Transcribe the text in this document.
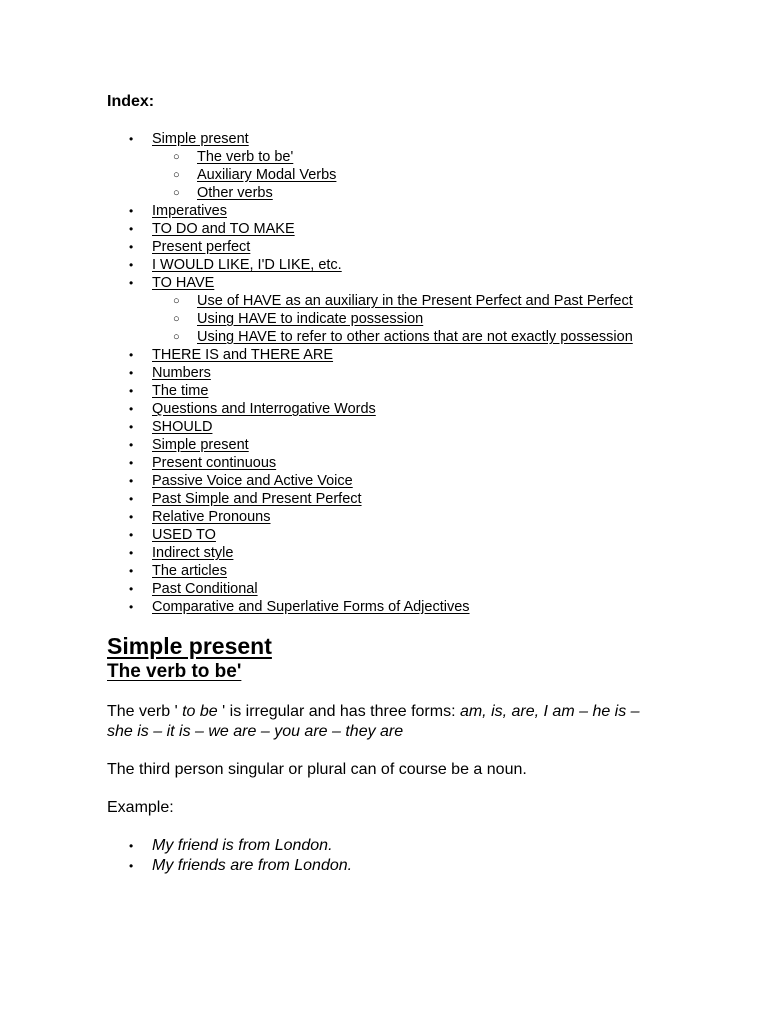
Index:
• Simple present
○ The verb to be'
○ Auxiliary Modal Verbs
○ Other verbs
• Imperatives
• TO DO and TO MAKE
• Present perfect
• I WOULD LIKE, I'D LIKE, etc.
• TO HAVE
○ Use of HAVE as an auxiliary in the Present Perfect and Past Perfect
○ Using HAVE to indicate possession
○ Using HAVE to refer to other actions that are not exactly possession
• THERE IS and THERE ARE
• Numbers
• The time
• Questions and Interrogative Words
• SHOULD
• Simple present
• Present continuous
• Passive Voice and Active Voice
• Past Simple and Present Perfect
• Relative Pronouns
• USED TO
• Indirect style
• The articles
• Past Conditional
• Comparative and Superlative Forms of Adjectives
Simple present
The verb to be'

The verb ' to be ' is irregular and has three forms: am, is, are, I am – he is – she is – it is – we are – you are – they are

The third person singular or plural can of course be a noun.

Example:

• My friend is from London.
• My friends are from London.
